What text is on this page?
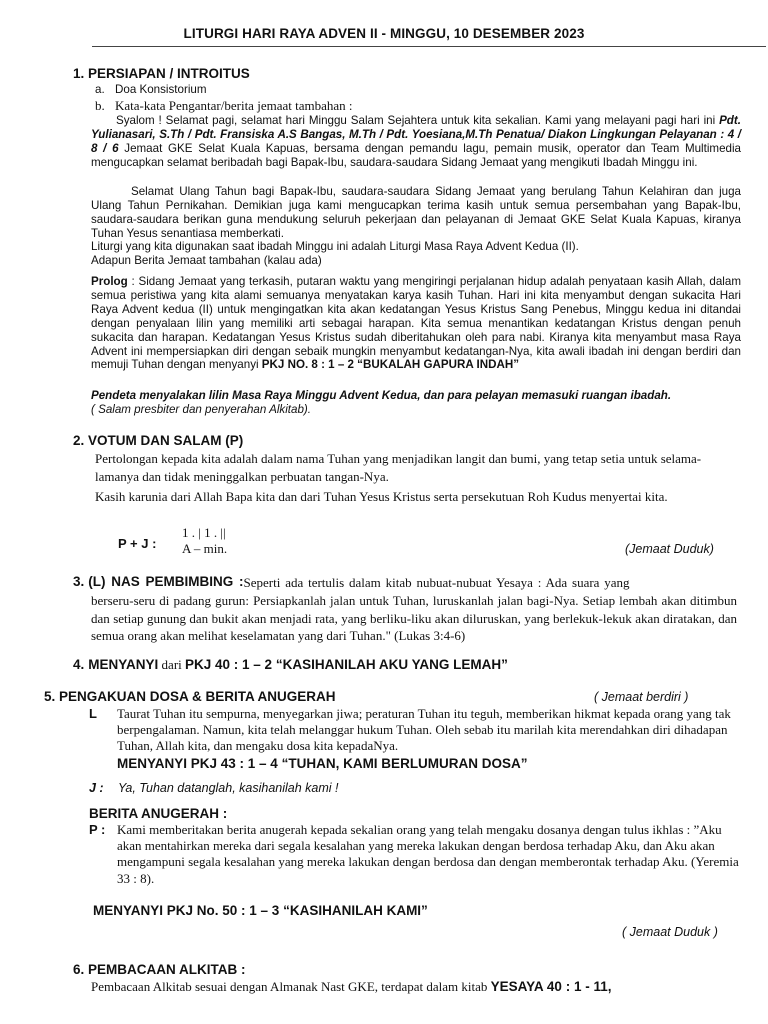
LITURGI HARI RAYA ADVEN II - MINGGU, 10 DESEMBER 2023
1. PERSIAPAN / INTROITUS
a. Doa Konsistorium
b. Kata-kata Pengantar/berita jemaat tambahan :
Syalom ! Selamat pagi, selamat hari Minggu Salam Sejahtera untuk kita sekalian. Kami yang melayani pagi hari ini Pdt. Yulianasari, S.Th / Pdt. Fransiska A.S Bangas, M.Th / Pdt. Yoesiana,M.Th Penatua/ Diakon Lingkungan Pelayanan : 4 / 8 / 6 Jemaat GKE Selat Kuala Kapuas, bersama dengan pemandu lagu, pemain musik, operator dan Team Multimedia mengucapkan selamat beribadah bagi Bapak-Ibu, saudara-saudara Sidang Jemaat yang mengikuti Ibadah Minggu ini.
Selamat Ulang Tahun bagi Bapak-Ibu, saudara-saudara Sidang Jemaat yang berulang Tahun Kelahiran dan juga Ulang Tahun Pernikahan. Demikian juga kami mengucapkan terima kasih untuk semua persembahan yang Bapak-Ibu, saudara-saudara berikan guna mendukung seluruh pekerjaan dan pelayanan di Jemaat GKE Selat Kuala Kapuas, kiranya Tuhan Yesus senantiasa memberkati.
Liturgi yang kita digunakan saat ibadah Minggu ini adalah Liturgi Masa Raya Advent Kedua (II).
Adapun Berita Jemaat tambahan (kalau ada)
Prolog : Sidang Jemaat yang terkasih, putaran waktu yang mengiringi perjalanan hidup adalah penyataan kasih Allah, dalam semua peristiwa yang kita alami semuanya menyatakan karya kasih Tuhan. Hari ini kita menyambut dengan sukacita Hari Raya Advent kedua (II) untuk mengingatkan kita akan kedatangan Yesus Kristus Sang Penebus, Minggu kedua ini ditandai dengan penyalaan lilin yang memiliki arti sebagai harapan. Kita semua menantikan kedatangan Kristus dengan penuh sukacita dan harapan. Kedatangan Yesus Kristus sudah diberitahukan oleh para nabi. Kiranya kita menyambut masa Raya Advent ini mempersiapkan diri dengan sebaik mungkin menyambut kedatangan-Nya, kita awali ibadah ini dengan berdiri dan memuji Tuhan dengan menyanyi PKJ NO. 8 : 1 – 2 “BUKALAH GAPURA INDAH”
Pendeta menyalakan lilin Masa Raya Minggu Advent Kedua, dan para pelayan memasuki ruangan ibadah.
( Salam presbiter dan penyerahan Alkitab).
2. VOTUM DAN SALAM (P)
Pertolongan kepada kita adalah dalam nama Tuhan yang menjadikan langit dan bumi, yang tetap setia untuk selama-lamanya dan tidak meninggalkan perbuatan tangan-Nya.
Kasih karunia dari Allah Bapa kita dan dari Tuhan Yesus Kristus serta persekutuan Roh Kudus menyertai kita.
P + J :
1 . | 1 . ||
A – min.	(Jemaat Duduk)
3. (L) NAS PEMBIMBING : Seperti ada tertulis dalam kitab nubuat-nubuat Yesaya : Ada suara yang
berseru-seru di padang gurun: Persiapkanlah jalan untuk Tuhan, luruskanlah jalan bagi-Nya. Setiap lembah akan ditimbun dan setiap gunung dan bukit akan menjadi rata, yang berliku-liku akan diluruskan, yang berlekuk-lekuk akan diratakan, dan semua orang akan melihat keselamatan yang dari Tuhan." (Lukas 3:4-6)
4. MENYANYI dari PKJ 40 : 1 – 2 “KASIHANILAH AKU YANG LEMAH”
5. PENGAKUAN DOSA & BERITA ANUGERAH	( Jemaat berdiri )
L	Taurat Tuhan itu sempurna, menyegarkan jiwa; peraturan Tuhan itu teguh, memberikan hikmat kepada orang yang tak berpengalaman. Namun, kita telah melanggar hukum Tuhan. Oleh sebab itu marilah kita merendahkan diri dihadapan Tuhan, Allah kita, dan mengaku dosa kita kepadaNya.
MENYANYI PKJ 43 : 1 – 4 “TUHAN, KAMI BERLUMURAN DOSA”
J :	Ya, Tuhan datanglah, kasihanilah kami !
BERITA ANUGERAH :
P : Kami memberitakan berita anugerah kepada sekalian orang yang telah mengaku dosanya dengan tulus ikhlas : ”Aku akan mentahirkan mereka dari segala kesalahan yang mereka lakukan dengan berdosa terhadap Aku, dan Aku akan mengampuni segala kesalahan yang mereka lakukan dengan berdosa dan dengan memberontak terhadap Aku. (Yeremia 33 : 8).
MENYANYI PKJ No. 50 : 1 – 3 “KASIHANILAH KAMI”
( Jemaat Duduk )
6. PEMBACAAN ALKITAB :
Pembacaan Alkitab sesuai dengan Almanak Nast GKE, terdapat dalam kitab YESAYA 40 : 1 - 11,
